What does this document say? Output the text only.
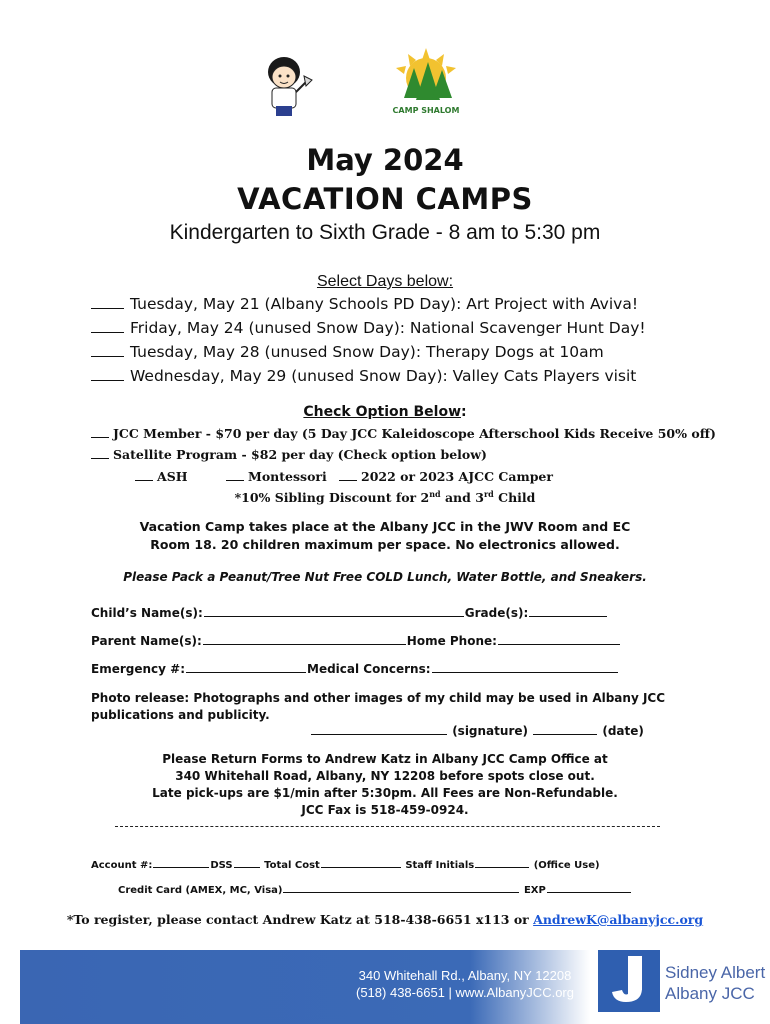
CAMP SHALOM
May 2024
VACATION CAMPS
Kindergarten to Sixth Grade - 8 am to 5:30 pm
Select Days below:
Tuesday, May 21 (Albany Schools PD Day): Art Project with Aviva!
Friday, May 24 (unused Snow Day): National Scavenger Hunt Day!
Tuesday, May 28 (unused Snow Day): Therapy Dogs at 10am
Wednesday, May 29 (unused Snow Day): Valley Cats Players visit
Check Option Below:
JCC Member - $70 per day (5 Day JCC Kaleidoscope Afterschool Kids Receive 50% off)
Satellite Program - $82 per day (Check option below)
ASH	Montessori	2022 or 2023 AJCC Camper
*10% Sibling Discount for 2nd and 3rd Child
Vacation Camp takes place at the Albany JCC in the JWV Room and EC
Room 18. 20 children maximum per space. No electronics allowed.
Please Pack a Peanut/Tree Nut Free COLD Lunch, Water Bottle, and Sneakers.
Child’s Name(s):	Grade(s):
Parent Name(s):	Home Phone:
Emergency #:	Medical Concerns:
Photo release: Photographs and other images of my child may be used in Albany JCC publications and publicity.
(signature)	(date)
Please Return Forms to Andrew Katz in Albany JCC Camp Office at
340 Whitehall Road, Albany, NY 12208 before spots close out.
Late pick-ups are $1/min after 5:30pm. All Fees are Non-Refundable.
JCC Fax is 518-459-0924.
Account #:	DSS	Total Cost	Staff Initials	(Office Use)
Credit Card (AMEX, MC, Visa)	EXP
*To register, please contact Andrew Katz at 518-438-6651 x113 or AndrewK@albanyjcc.org
340 Whitehall Rd., Albany, NY 12208
(518) 438-6651 | www.AlbanyJCC.org
Sidney Albert
Albany JCC
